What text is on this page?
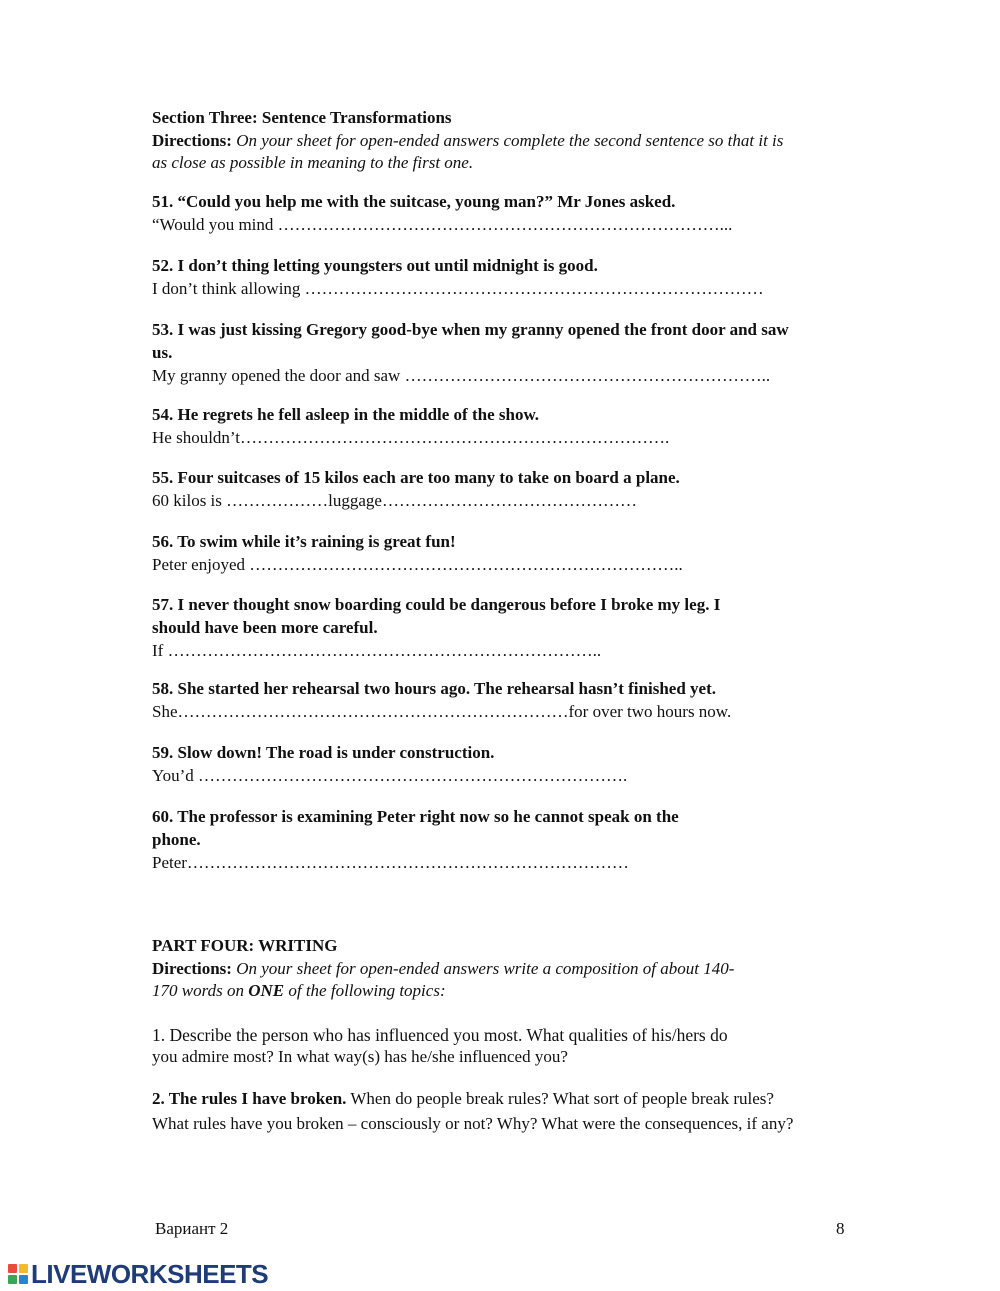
Section Three: Sentence Transformations
Directions: On your sheet for open-ended answers complete the second sentence so that it is
as close as possible in meaning to the first one.
51. “Could you help me with the suitcase, young man?” Mr Jones asked.
“Would you mind ……………………………………………………………………...
52. I don’t thing letting youngsters out until midnight is good.
I don’t think allowing ………………………………………………………………………
53. I was just kissing Gregory good-bye when my granny opened the front door and saw
us.
My granny opened the door and saw ………………………………………………………..
54. He regrets he fell asleep in the middle of the show.
He shouldn’t………………………………………………………………….
55. Four suitcases of 15 kilos each are too many to take on board a plane.
60 kilos is ………………luggage………………………………………
56. To swim while it’s raining is great fun!
Peter enjoyed …………………………………………………………………..
57. I never thought snow boarding could be dangerous before I broke my leg. I
should have been more careful.
If …………………………………………………………………..
58. She started her rehearsal two hours ago. The rehearsal hasn’t finished yet.
She……………………………………………………………for over two hours now.
59. Slow down! The road is under construction.
You’d ………………………………………………………………….
60. The professor is examining Peter right now so he cannot speak on the
phone.
Peter……………………………………………………………………
PART FOUR: WRITING
Directions: On your sheet for open-ended answers write a composition of about 140-
170 words on ONE of the following topics:
1. Describe the person who has influenced you most. What qualities of his/hers do
you admire most? In what way(s) has he/she influenced you?
2. The rules I have broken. When do people break rules? What sort of people break rules?
What rules have you broken – consciously or not? Why? What were the consequences, if any?
Вариант 2	8
LIVEWORKSHEETS
